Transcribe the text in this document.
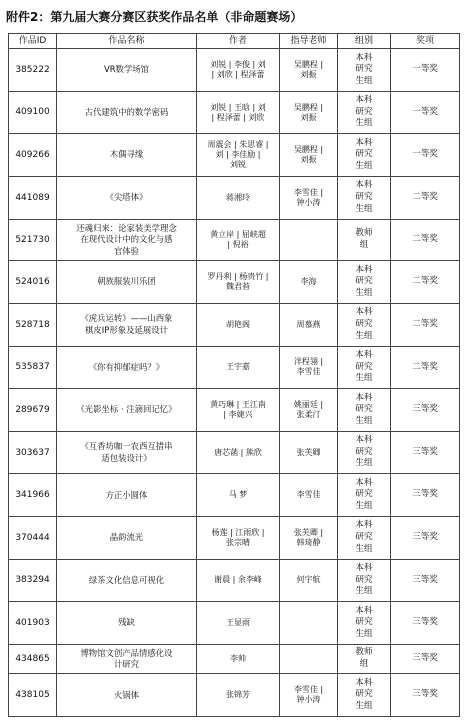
附件2：第九届大赛分赛区获奖作品名单（非命题赛场）
作品ID	作品名称	作者	指导老师	组别	奖项
385222	VR数学场馆	刘锐 | 李俊 | 刘
| 刘欣 | 程泽蕾	吴鹏程 |
刘振	本科
研究
生组	一等奖
409100	古代建筑中的数学密码	刘锐 | 王晗 | 刘
| 程泽蕾 | 刘欣	吴鹏程 |
刘振	本科
研究
生组	一等奖
409266	木偶寻缘	周震会 | 朱思睿 |
刘 | 李佳励 |
刘锐	吴鹏程 |
刘振	本科
研究
生组	一等奖
441089	《尖塔体》	蒋湘玲	李雪佳 |
钟小涛	本科
研究
生组	二等奖
521730	还魂归来：论家装美学理念
在现代设计中的文化与感
官体验	黄立岸 | 屈峡超
| 倪裕		教师
组	二等奖
524016	朝族服装川乐团	罗丹利 | 杨贵竹 |
魏君苔	李海	本科
研究
生组	二等奖
528718	《虎兵运转》——山西象
棋皮IP形象及延展设计	胡艳阁	周慕燕	本科
研究
生组	二等奖
535837	《你有抑郁症吗？》	王宇嘉	洋程翎 |
李雪佳	本科
研究
生组	二等奖
289679	《光影坐标 · 注滴回记忆》	黄巧琳 | 王江南
| 李婕兴	姚丽廷 |
张柔汀	本科
研究
生组	三等奖
303637	《互香坊咖一农西互措串
适包装设计》	唐芯菡 | 熊欣	张芙卿	本科
研究
生组	三等奖
341966	方正小圆体	马 梦	李雪佳	本科
研究
生组	三等奖
370444	晶韵流光	杨莲 | 江雨欣 |
张宗晴	张芙卿 |
韩琦静	本科
研究
生组	三等奖
383294	绿茶文化信息可视化	谢晨 | 余李峰	何宇航	本科
研究
生组	三等奖
401903	残缺	王显雨		本科
研究
生组	三等奖
434865	博物馆文创产品情感化设
计研究	李帅		教师
组	三等奖
438105	火锅体	张锦芳	李雪佳 |
钟小涛	本科
研究
生组	三等奖
